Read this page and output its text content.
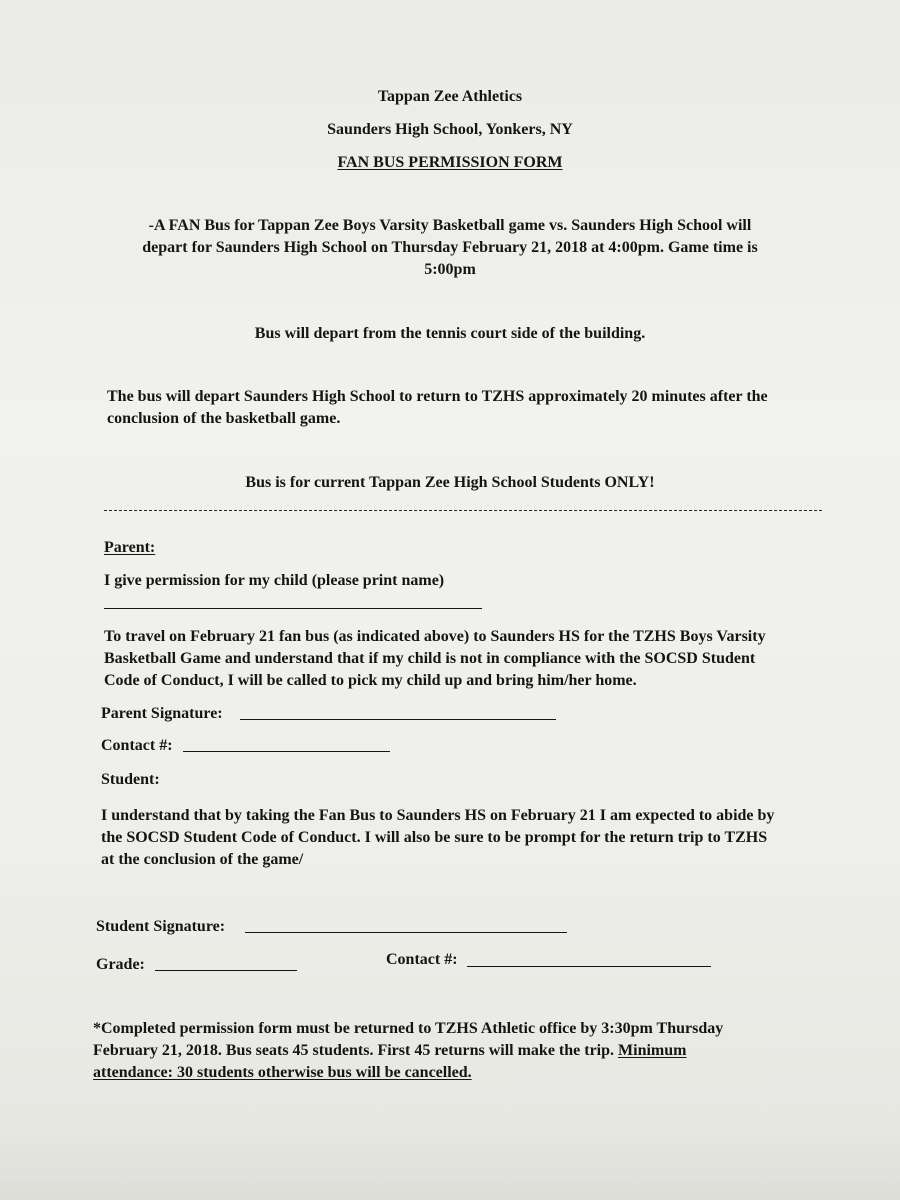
Tappan Zee Athletics

Saunders High School, Yonkers, NY

FAN BUS PERMISSION FORM

-A FAN Bus for Tappan Zee Boys Varsity Basketball game vs. Saunders High School will

depart for Saunders High School on Thursday February 21, 2018 at 4:00pm. Game time is

5:00pm

Bus will depart from the tennis court side of the building.

The bus will depart Saunders High School to return to TZHS approximately 20 minutes after the

conclusion of the basketball game.

Bus is for current Tappan Zee High School Students ONLY!

Parent:

I give permission for my child (please print name)

To travel on February 21 fan bus (as indicated above) to Saunders HS for the TZHS Boys Varsity

Basketball Game and understand that if my child is not in compliance with the SOCSD Student

Code of Conduct, I will be called to pick my child up and bring him/her home.

Parent Signature:

Contact #:

Student:

I understand that by taking the Fan Bus to Saunders HS on February 21 I am expected to abide by

the SOCSD Student Code of Conduct. I will also be sure to be prompt for the return trip to TZHS

at the conclusion of the game/

Student Signature:

Grade:	Contact #:

*Completed permission form must be returned to TZHS Athletic office by 3:30pm Thursday

February 21, 2018. Bus seats 45 students. First 45 returns will make the trip. Minimum

attendance: 30 students otherwise bus will be cancelled.
